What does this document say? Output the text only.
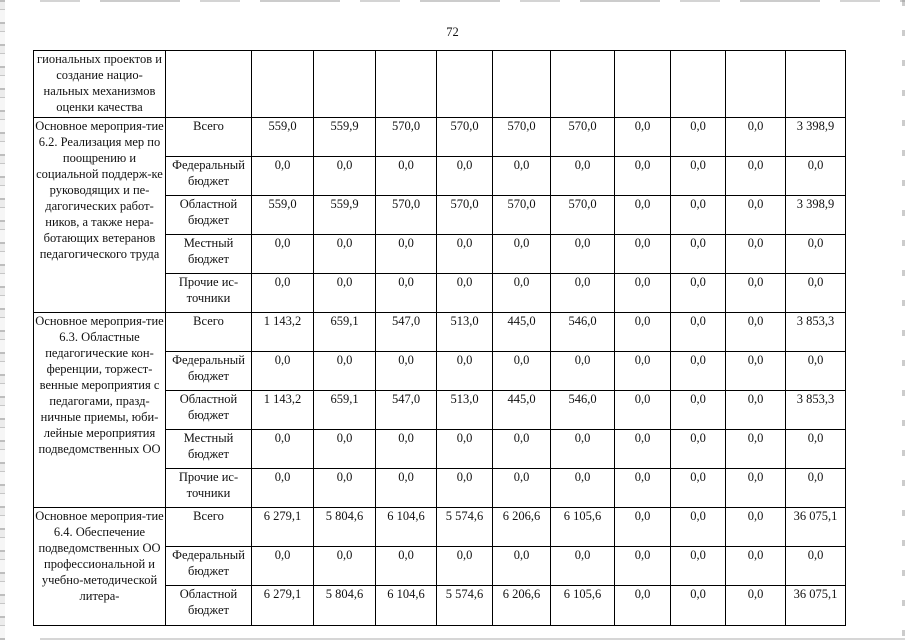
72
гиональных проектов и создание нацио-нальных механизмов оценки качества											
Основное мероприя-тие 6.2. Реализация мер по поощрению и социальной поддерж-ке руководящих и пе-дагогических работ-ников, а также нера-ботающих ветеранов педагогического труда	Всего	559,0	559,9	570,0	570,0	570,0	570,0	0,0	0,0	0,0	3 398,9
	Федеральный бюджет	0,0	0,0	0,0	0,0	0,0	0,0	0,0	0,0	0,0	0,0
	Областной бюджет	559,0	559,9	570,0	570,0	570,0	570,0	0,0	0,0	0,0	3 398,9
	Местный бюджет	0,0	0,0	0,0	0,0	0,0	0,0	0,0	0,0	0,0	0,0
	Прочие ис-точники	0,0	0,0	0,0	0,0	0,0	0,0	0,0	0,0	0,0	0,0
Основное мероприя-тие 6.3. Областные педагогические кон-ференции, торжест-венные мероприятия с педагогами, празд-ничные приемы, юби-лейные мероприятия подведомственных ОО	Всего	1 143,2	659,1	547,0	513,0	445,0	546,0	0,0	0,0	0,0	3 853,3
	Федеральный бюджет	0,0	0,0	0,0	0,0	0,0	0,0	0,0	0,0	0,0	0,0
	Областной бюджет	1 143,2	659,1	547,0	513,0	445,0	546,0	0,0	0,0	0,0	3 853,3
	Местный бюджет	0,0	0,0	0,0	0,0	0,0	0,0	0,0	0,0	0,0	0,0
	Прочие ис-точники	0,0	0,0	0,0	0,0	0,0	0,0	0,0	0,0	0,0	0,0
Основное мероприя-тие 6.4. Обеспечение подведомственных ОО профессиональной и учебно-методической литера-	Всего	6 279,1	5 804,6	6 104,6	5 574,6	6 206,6	6 105,6	0,0	0,0	0,0	36 075,1
	Федеральный бюджет	0,0	0,0	0,0	0,0	0,0	0,0	0,0	0,0	0,0	0,0
	Областной бюджет	6 279,1	5 804,6	6 104,6	5 574,6	6 206,6	6 105,6	0,0	0,0	0,0	36 075,1
